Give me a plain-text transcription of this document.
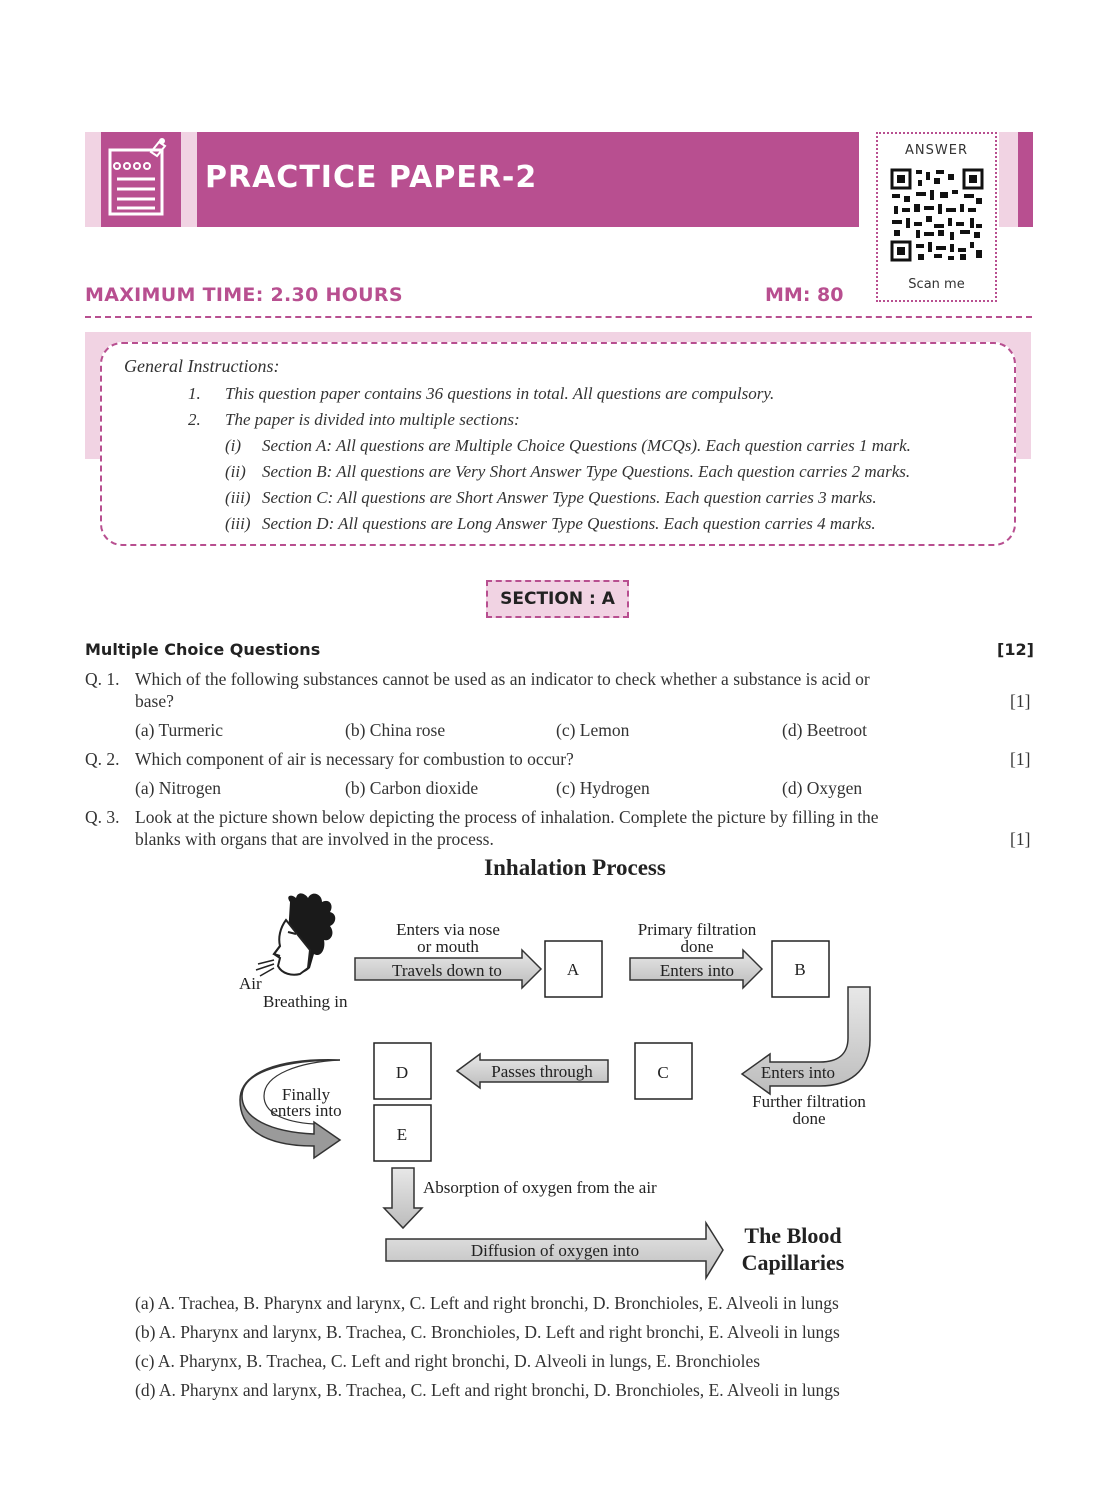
PRACTICE PAPER-2
ANSWER
Scan me
MAXIMUM TIME: 2.30 HOURS	MM: 80
General Instructions:
1. This question paper contains 36 questions in total. All questions are compulsory.
2. The paper is divided into multiple sections:
(i) Section A: All questions are Multiple Choice Questions (MCQs). Each question carries 1 mark.
(ii) Section B: All questions are Very Short Answer Type Questions. Each question carries 2 marks.
(iii) Section C: All questions are Short Answer Type Questions. Each question carries 3 marks.
(iii) Section D: All questions are Long Answer Type Questions. Each question carries 4 marks.
SECTION : A
Multiple Choice Questions	[12]
Q. 1. Which of the following substances cannot be used as an indicator to check whether a substance is acid or
base?	[1]
(a) Turmeric	(b) China rose	(c) Lemon	(d) Beetroot
Q. 2. Which component of air is necessary for combustion to occur?	[1]
(a) Nitrogen	(b) Carbon dioxide	(c) Hydrogen	(d) Oxygen
Q. 3. Look at the picture shown below depicting the process of inhalation. Complete the picture by filling in the
blanks with organs that are involved in the process.	[1]
Inhalation Process
Air
Breathing in
Enters via nose
or mouth
Travels down to	A
Primary filtration
done
Enters into	B
Enters into
Further filtration
done
C
Passes through
D
E
Finally
enters into
Absorption of oxygen from the air
Diffusion of oxygen into
The Blood
Capillaries
(a) A. Trachea, B. Pharynx and larynx, C. Left and right bronchi, D. Bronchioles, E. Alveoli in lungs
(b) A. Pharynx and larynx, B. Trachea, C. Bronchioles, D. Left and right bronchi, E. Alveoli in lungs
(c) A. Pharynx, B. Trachea, C. Left and right bronchi, D. Alveoli in lungs, E. Bronchioles
(d) A. Pharynx and larynx, B. Trachea, C. Left and right bronchi, D. Bronchioles, E. Alveoli in lungs
